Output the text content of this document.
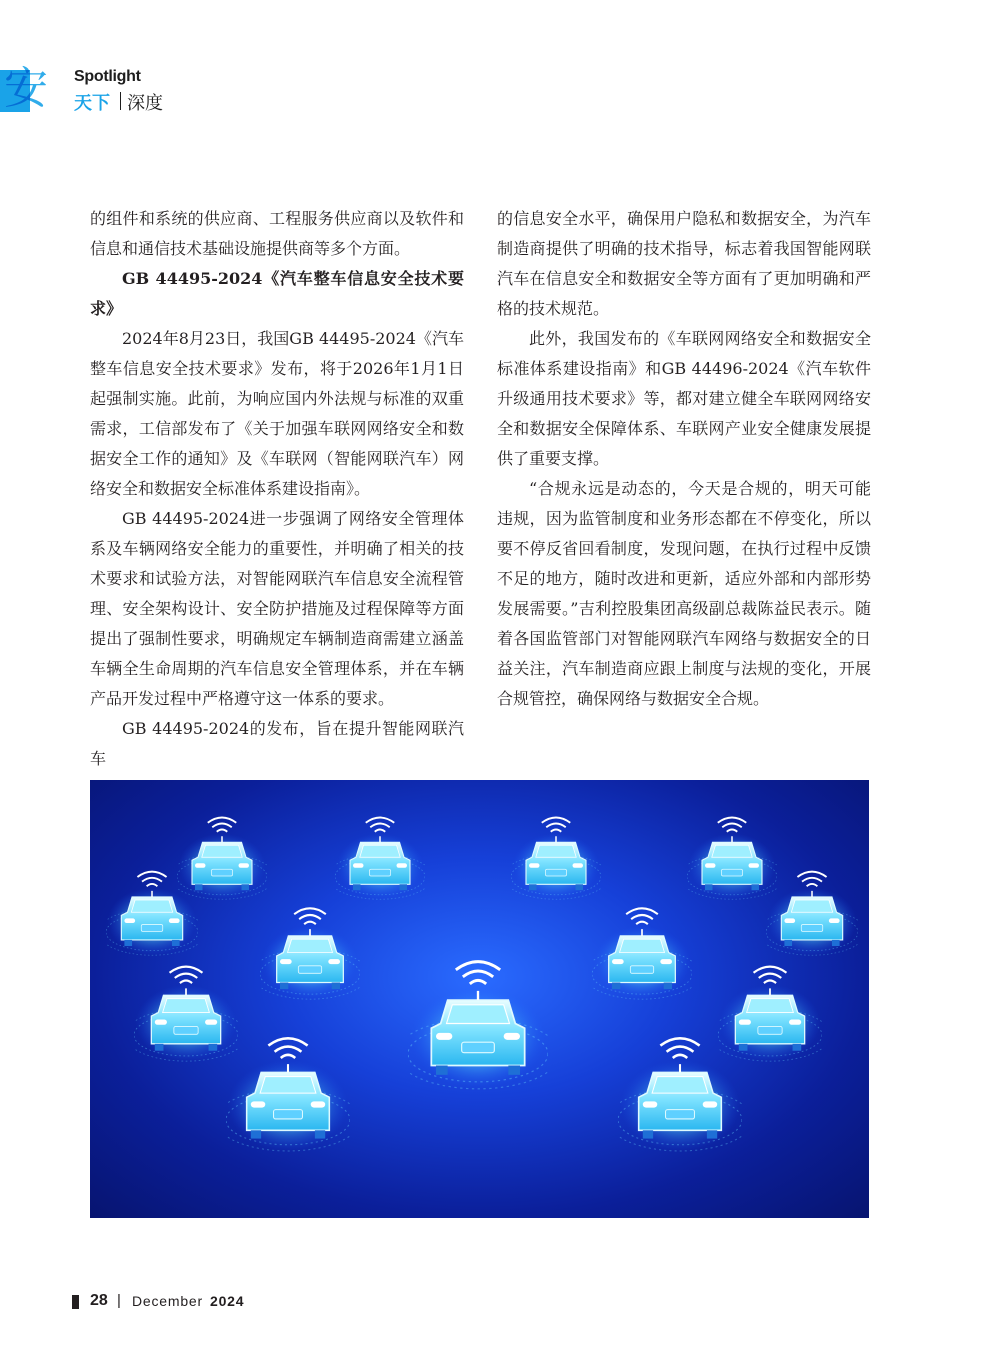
安 Spotlight
天下 深度

的组件和系统的供应商、工程服务供应商以及软件和信息和通信技术基础设施提供商等多个方面。

GB 44495-2024《汽车整车信息安全技术要求》

2024年8月23日，我国GB 44495-2024《汽车整车信息安全技术要求》发布，将于2026年1月1日起强制实施。此前，为响应国内外法规与标准的双重需求，工信部发布了《关于加强车联网网络安全和数据安全工作的通知》及《车联网（智能网联汽车）网络安全和数据安全标准体系建设指南》。

GB 44495-2024进一步强调了网络安全管理体系及车辆网络安全能力的重要性，并明确了相关的技术要求和试验方法，对智能网联汽车信息安全流程管理、安全架构设计、安全防护措施及过程保障等方面提出了强制性要求，明确规定车辆制造商需建立涵盖车辆全生命周期的汽车信息安全管理体系，并在车辆产品开发过程中严格遵守这一体系的要求。

GB 44495-2024的发布，旨在提升智能网联汽车

的信息安全水平，确保用户隐私和数据安全，为汽车制造商提供了明确的技术指导，标志着我国智能网联汽车在信息安全和数据安全等方面有了更加明确和严格的技术规范。

此外，我国发布的《车联网网络安全和数据安全标准体系建设指南》和GB 44496-2024《汽车软件升级通用技术要求》等，都对建立健全车联网网络安全和数据安全保障体系、车联网产业安全健康发展提供了重要支撑。

“合规永远是动态的，今天是合规的，明天可能违规，因为监管制度和业务形态都在不停变化，所以要不停反省回看制度，发现问题，在执行过程中反馈不足的地方，随时改进和更新，适应外部和内部形势发展需要。”吉利控股集团高级副总裁陈益民表示。随着各国监管部门对智能网联汽车网络与数据安全的日益关注，汽车制造商应跟上制度与法规的变化，开展合规管控，确保网络与数据安全合规。

28 | December 2024
